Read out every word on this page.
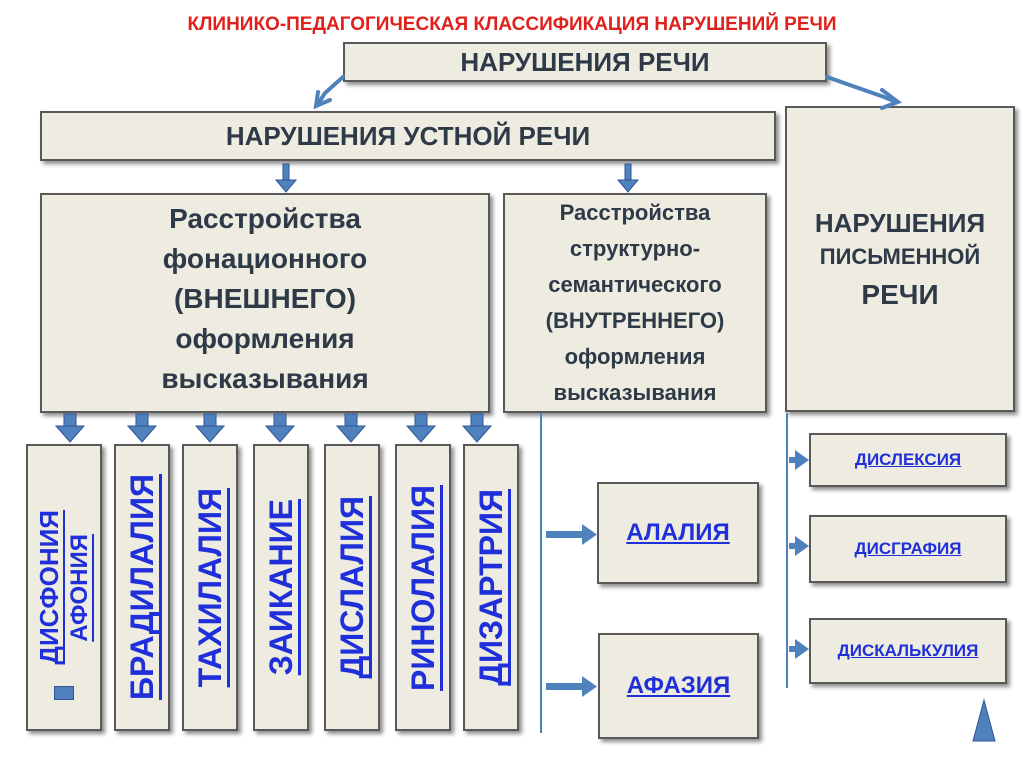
КЛИНИКО-ПЕДАГОГИЧЕСКАЯ КЛАССИФИКАЦИЯ НАРУШЕНИЙ РЕЧИ
НАРУШЕНИЯ РЕЧИ
НАРУШЕНИЯ УСТНОЙ РЕЧИ
НАРУШЕНИЯ
ПИСЬМЕННОЙ
РЕЧИ
Расстройства
фонационного
(ВНЕШНЕГО)
оформления
высказывания
Расстройства
структурно-
семантического
(ВНУТРЕННЕГО)
оформления
высказывания
ДИСФОНИЯ АФОНИЯ БРАДИЛАЛИЯ ТАХИЛАЛИЯ ЗАИКАНИЕ ДИСЛАЛИЯ РИНОЛАЛИЯ ДИЗАРТРИЯ	АЛАЛИЯ
АФАЗИЯ
ДИСЛЕКСИЯ
ДИСГРАФИЯ
ДИСКАЛЬКУЛИЯ
